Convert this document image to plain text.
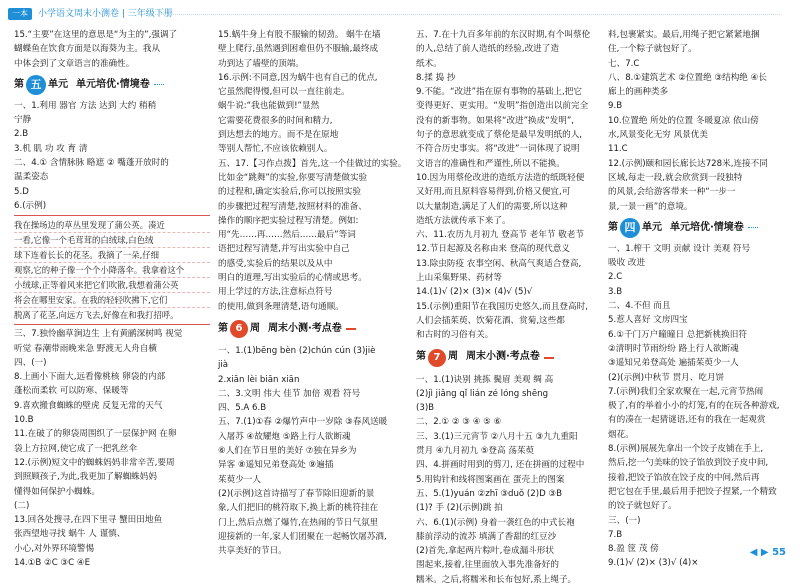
一本	小学语文周末小测卷 | 三年级下册
15.“主要”在这里的意思是“为主的”,强调了
蝴蝶鱼在饮食方面是以海葵为主。我从
中体会到了文章语言的准确性。
第 五 单元 单元培优·情境卷
一、1.利用 器官 方法 达到 大约 稍稍
宁静
2.B
3.机 肌 功 攻 育 清
二、4.① 含情脉脉 略遮 ② 嘴蓬开放时的
温柔姿态
5.D
6.(示例)
我在操场边的草丛里发现了蒲公英。凑近
一看,它像一个毛茸茸的白绒球,白色绒
球下连着长长的花茎。我摘了一朵,仔细
观察,它的种子像一个个小降落伞。我拿着这个
小绒球,正等着风来把它们吹散,我想着蒲公英
将会在哪里安家。在我的轻轻吹拂下,它们
脱离了花茎,向远方飞去,好像在和我打招呼。
三、7.独怜幽草涧边生 上有黄鹂深树鸣 视觉
听觉 春潮带雨晚来急 野渡无人舟自横
四、(一)
8.上画小下面大,远看像桃核 卵袋的内部
蓬松而柔软 可以防寒、保暖等
9.喜欢搬食蜘蛛的壁虎 反复无常的天气
10.B
11.在破了的卵袋周围织了一层保护网 在卵
袋上方拉网,使它成了一把乳丝伞
12.(示例)短文中的蜘蛛妈妈非常辛苦,要周
到照顾孩子,为此,我更加了解蜘蛛妈妈
懂得如何保护小蜘蛛。
(二)
13.回各处搜寻,在四下里寻 蟹田田地鱼
张西望地寻找 蜗牛 人 谨慎、
小心,对外界环境警惕
14.①B ②C ③C ④E
15.蜗牛身上有股不服输的韧劲。 蜗牛在墙
壁上爬行,虽然遇到困难但仍不服输,最终成
功到达了墙壁的顶端。
16.示例:不同意,因为蜗牛也有自己的优点,
它虽然爬得慢,但可以一直往前走。
蜗牛说:“我也能做到!”显然
它需要花费很多的时间和精力,
到达想去的地方。而不是在原地
等别人帮忙,不应该依赖别人。
五、17.【习作点拨】首先,这一个佳做过的实验。
比如金“跳舞”的实验,你要写清楚做实验
的过程和,确定实验后,你可以按照实验
的步骤把过程写清楚,按照材料的准备、
操作的顺序把实验过程写清楚。例如:
用“先……再……然后……最后”等词
语把过程写清楚,并写出实验中自己
的感受,实验后的结果以及从中
明白的道理,写出实验后的心情或思考。
用上学过的方法,注意标点符号
的使用,做到条理清楚,语句通顺。
第 6 周 周末小测·考点卷
一、1.(1)bēng bèn (2)chún cún (3)jiè
jià
2.xiān lèi biān xiān
二、3.文明 伟大 佳节 加倍 观看 符号
四、5.A 6.B
五、7.(1)①春 ②爆竹声中一岁除 ③春风送暖
入屠苏 ④故耀炮 ⑤路上行人欲断魂
⑥人们在节日里的美好 ⑦独在异乡为
异客 ⑧遥知兄弟登高处 ⑨遍插
茱萸少一人
(2)(示例)这首诗描写了春节除旧迎新的景
象,人们把旧的桃符取下,换上新的桃符挂在
门上,然后点燃了爆竹,在热闹的节日气氛里
迎接新的一年,家人们团聚在一起畅饮屠苏酒,
共享美好的节日。
五、7.在十九百多年前的东汉时期,有个叫蔡伦
的人,总结了前人造纸的经验,改进了造
纸术。
8.揉 捣 抄
9.不能。“改进”指在原有事物的基础上,把它
变得更好、更实用。“发明”指创造出以前完全
没有的新事物。如果将“改进”换成“发明”,
句子的意思就变成了蔡伦是最早发明纸的人,
不符合历史事实。将“改进”一词体现了说明
文语言的准确性和严谨性,所以不能换。
10.因为用蔡伦改进的造纸方法造的纸既轻便
又好用,而且原料容易得到,价格又便宜,可
以大量制造,满足了人们的需要,所以这种
造纸方法就传承下来了。
六、11.农历九月初九 登高节 老年节 敬老节
12.节日起源及名称由来 登高的现代意义
13.除虫防疫 农事空闲、秋高气爽适合登高,
上山采集野果、药材等
14.(1)√ (2)× (3)× (4)√ (5)√
15.(示例)重阳节在我国历史悠久,而且登高时,
人们会插茱萸、饮菊花酒、赏菊,这些都
和古时的习俗有关。
第 7 周 周末小测·考点卷
一、1.(1)诀别 挑拣 鬓眉 美观 绸 高
(2)jì jiǎng qǐ lián zé lóng shēng
(3)B
二、2.① ② ③ ④ ⑤ ⑥
三、3.(1)三元宵节 ②八月十五 ③九九重阳
贯月 ④九月初九 ⑤登高 荡茱萸
四、4.拼画时用到的剪刀, 还在拼画的过程中
5.用钩针和线将图案画在 蛋壳上的图案
五、5.(1)yuán ②zhī ③duǒ (2)D ③B
(1)? 手 (2)(示例)跳 拍
六、6.(1)(示例) 身着一袭红色的中式长袍
膝前浮动的流苏 填满了香甜的红豆沙
(2)首先,拿起两片粽叶,卷成漏斗形状
围起来,接着,往里面放入事先准备好的
糯米。之后,将糯米和长布包好,系上绳子。
料,包裹紧实。最后,用绳子把它紧紧地捆
住,一个粽子就包好了。
七、7.C
八、8.①建筑艺术 ②位置绝 ③结构绝 ④长
廊上的画种类多
9.B
10.位置绝 所处的位置 冬暖夏凉 依山傍
水,风景变化无穷 风景优美
11.C
12.(示例)颐和园长廊长达728米,连接不同
区域,每走一段,就会欣赏到一段独特
的风景,会给游客带来一种“一步一
景,一景一画”的意境。
第 四 单元 单元培优·情境卷
一、1.榨干 文明 贡献 设计 美观 符号
吸收 改进
2.C
3.B
二、4.不但 而且
5.惹人喜好 文房四宝
6.①千门万户曈曈日 总把新桃换旧符
②清明时节雨纷纷 路上行人欲断魂
③遥知兄弟登高处 遍插茱萸少一人
(2)(示例)中秋节 贯月、吃月饼
7.(示例)我们全家欢聚在一起,元宵节热闹
极了,有的举着小小的灯笼,有的在玩各种游戏,
有的凑在一起猜谜语,还有的我在一起观赏
烟花。
8.(示例)展展先拿出一个饺子皮铺在手上,
然后,挖一勺美味的饺子馅放到饺子皮中间,
接着,把饺子馅放在饺子皮的中间,然后再
把它包在手里,最后用手把饺子捏紧,一个精致
的饺子就包好了。
三、(一)
7.B
8.盈 筐 茂 傍
9.(1)√ (2)× (3)√ (4)×
◀ ▶ 55
